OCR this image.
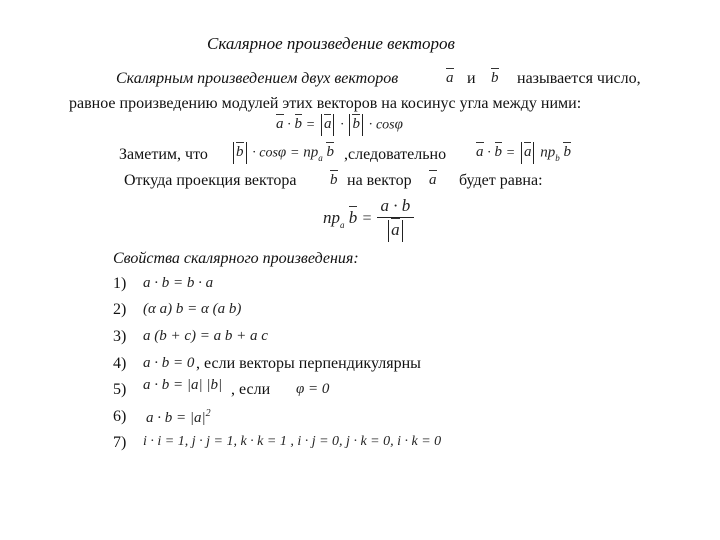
Скалярное произведение векторов
Скалярным произведением двух векторов	a и b называется число,
равное произведению модулей этих векторов на косинус угла между ними:
a · b = a · b · cosφ
Заметим, что	$b \cdot \cos\varphi = np_a$ b ,следовательно a · b = a $np_b$ b
Откуда проекция вектора b на вектор a будет равна:
$np_a$ $b = \frac{a \cdot b}{a}$
Свойства скалярного произведения:
1) a · b = b · a
2) (α a) b = α (a b)
3) a (b + c) = a b + a c
4) a · b = 0 , если векторы перпендикулярны
5) a · b = |a| |b| , если φ = 0
6) $a \cdot b = |a|^2$
7) i · i = 1, j · j = 1, k · k = 1 , i · j = 0, j · k = 0, i · k = 0
